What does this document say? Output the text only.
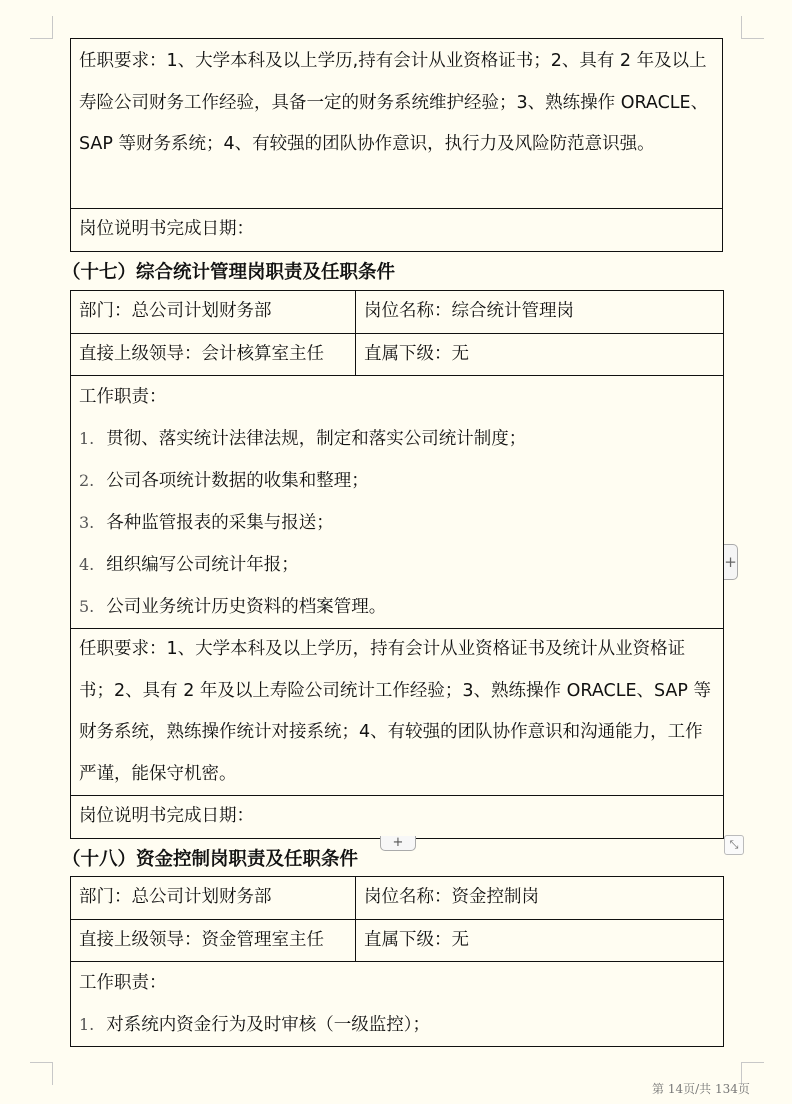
任职要求：1、大学本科及以上学历,持有会计从业资格证书；2、具有 2 年及以上寿险公司财务工作经验，具备一定的财务系统维护经验；3、熟练操作 ORACLE、SAP 等财务系统；4、有较强的团队协作意识，执行力及风险防范意识强。
岗位说明书完成日期：
（十七）综合统计管理岗职责及任职条件
部门：总公司计划财务部	岗位名称：综合统计管理岗
直接上级领导：会计核算室主任	直属下级：无

工作职责：
1. 贯彻、落实统计法律法规，制定和落实公司统计制度；
2. 公司各项统计数据的收集和整理；
3. 各种监管报表的采集与报送；
4. 组织编写公司统计年报；
5. 公司业务统计历史资料的档案管理。

任职要求：1、大学本科及以上学历，持有会计从业资格证书及统计从业资格证书；2、具有 2 年及以上寿险公司统计工作经验；3、熟练操作 ORACLE、SAP 等财务系统，熟练操作统计对接系统；4、有较强的团队协作意识和沟通能力，工作严谨，能保守机密。	
岗位说明书完成日期：	
+
+	⤡
（十八）资金控制岗职责及任职条件
部门：总公司计划财务部	岗位名称：资金控制岗
直接上级领导：资金管理室主任	直属下级：无

工作职责：
1. 对系统内资金行为及时审核（一级监控）；	
第 14页/共 134页
